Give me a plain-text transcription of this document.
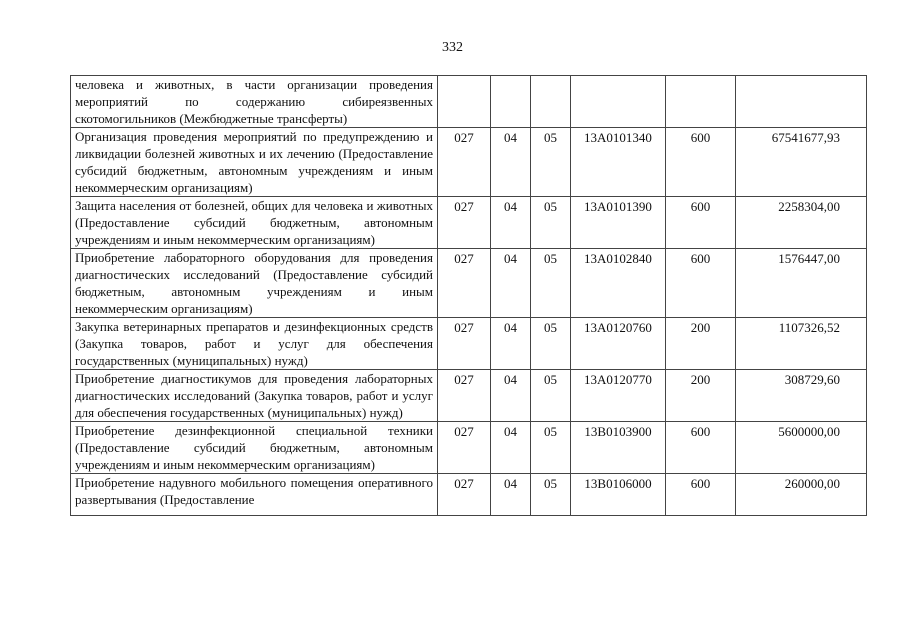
332
человека и животных, в части организации проведения мероприятий по содержанию сибиреязвенных скотомогильников (Межбюджетные трансферты)						
Организация проведения мероприятий по предупреждению и ликвидации болезней животных и их лечению (Предоставление субсидий бюджетным, автономным учреждениям и иным некоммерческим организациям)	027	04	05	13А0101340	600	67541677,93
Защита населения от болезней, общих для человека и животных (Предоставление субсидий бюджетным, автономным учреждениям и иным некоммерческим организациям)	027	04	05	13А0101390	600	2258304,00
Приобретение лабораторного оборудования для проведения диагностических исследований (Предоставление субсидий бюджетным, автономным учреждениям и иным некоммерческим организациям)	027	04	05	13А0102840	600	1576447,00
Закупка ветеринарных препаратов и дезинфекционных средств (Закупка товаров, работ и услуг для обеспечения государственных (муниципальных) нужд)	027	04	05	13А0120760	200	1107326,52
Приобретение диагностикумов для проведения лабораторных диагностических исследований (Закупка товаров, работ и услуг для обеспечения государственных (муниципальных) нужд)	027	04	05	13А0120770	200	308729,60
Приобретение дезинфекционной специальной техники (Предоставление субсидий бюджетным, автономным учреждениям и иным некоммерческим организациям)	027	04	05	13В0103900	600	5600000,00
Приобретение надувного мобильного помещения оперативного развертывания (Предоставление	027	04	05	13В0106000	600	260000,00
